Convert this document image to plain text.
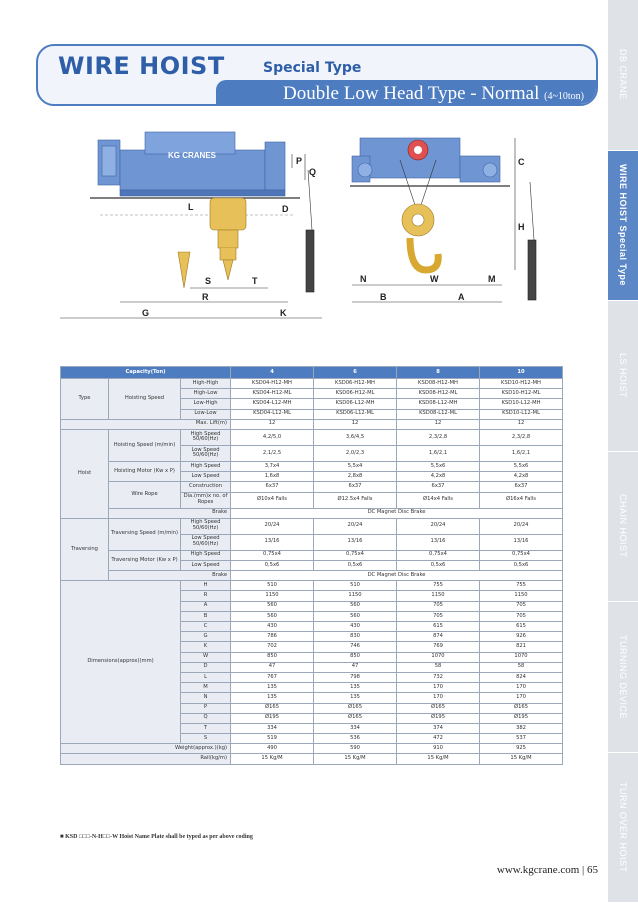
DB CRANE
WIRE HOIST Special Type
LS HOIST
CHAIN HOIST
TURNING DEVICE
TURN OVER HOIST
WIRE HOIST	Special Type
Double Low Head Type - Normal (4~10ton)
KG CRANES
P
Q
L	D
S	T
R
G	K
C
H
N	W	M
B	A
Capacity(Ton)			4	6	8	10
Type	Hoisting Speed	High-High	KSD04-H12-MH	KSD06-H12-MH	KSD08-H12-MH	KSD10-H12-MH
		High-Low	KSD04-H12-ML	KSD06-H12-ML	KSD08-H12-ML	KSD10-H12-ML
		Low-High	KSD04-L12-MH	KSD06-L12-MH	KSD08-L12-MH	KSD10-L12-MH
		Low-Low	KSD04-L12-ML	KSD06-L12-ML	KSD08-L12-ML	KSD10-L12-ML
Max. Lift(m)			12	12	12	12
Hoist	Hoisting Speed (m/min)	High Speed 50/60(Hz)	4,2/5,0	3,6/4,5	2,3/2,8	2,3/2,8
		Low Speed 50/60(Hz)	2,1/2,5	2,0/2,3	1,6/2,1	1,6/2,1
	Hoisting Motor (Kw x P)	High Speed	3,7x4	5,5x4	5,5x6	5,5x6
		Low Speed	1,6x8	2,8x8	4,2x8	4,2x8
	Wire Rope	Construction	6x37	6x37	6x37	6x37
		Dia.(mm)x no. of Ropes	Ø10x4 Falls	Ø12.5x4 Falls	Ø14x4 Falls	Ø16x4 Falls
	Brake		DC Magnet Disc Brake			
Traversing	Traversing Speed (m/min)	High Speed 50/60(Hz)	20/24	20/24	20/24	20/24
		Low Speed 50/60(Hz)	13/16	13/16	13/16	13/16
	Traversing Motor (Kw x P)	High Speed	0,75x4	0,75x4	0,75x4	0,75x4
		Low Speed	0,5x6	0,5x6	0,5x6	0,5x6
	Brake		DC Magnet Disc Brake			
Dimensions(approx)(mm)		H	510	510	755	755
		R	1150	1150	1150	1150
		A	560	560	705	705
		B	560	560	705	705
		C	430	430	615	615
		G	786	830	874	926
		K	702	746	769	821
		W	850	850	1070	1070
		D	47	47	58	58
		L	767	798	732	824
		M	135	135	170	170
		N	135	135	170	170
		P	Ø165	Ø165	Ø165	Ø165
		Q	Ø195	Ø165	Ø195	Ø195
		T	334	334	374	382
		S	519	536	472	537
Weight(approx.)(kg)			490	590	910	925
Rail(kg/m)			15 Kg/M	15 Kg/M	15 Kg/M	15 Kg/M
■ KSD □□□-N-H□□-W Hoist Name Plate shall be typed as per above coding
www.kgcrane.com | 65
